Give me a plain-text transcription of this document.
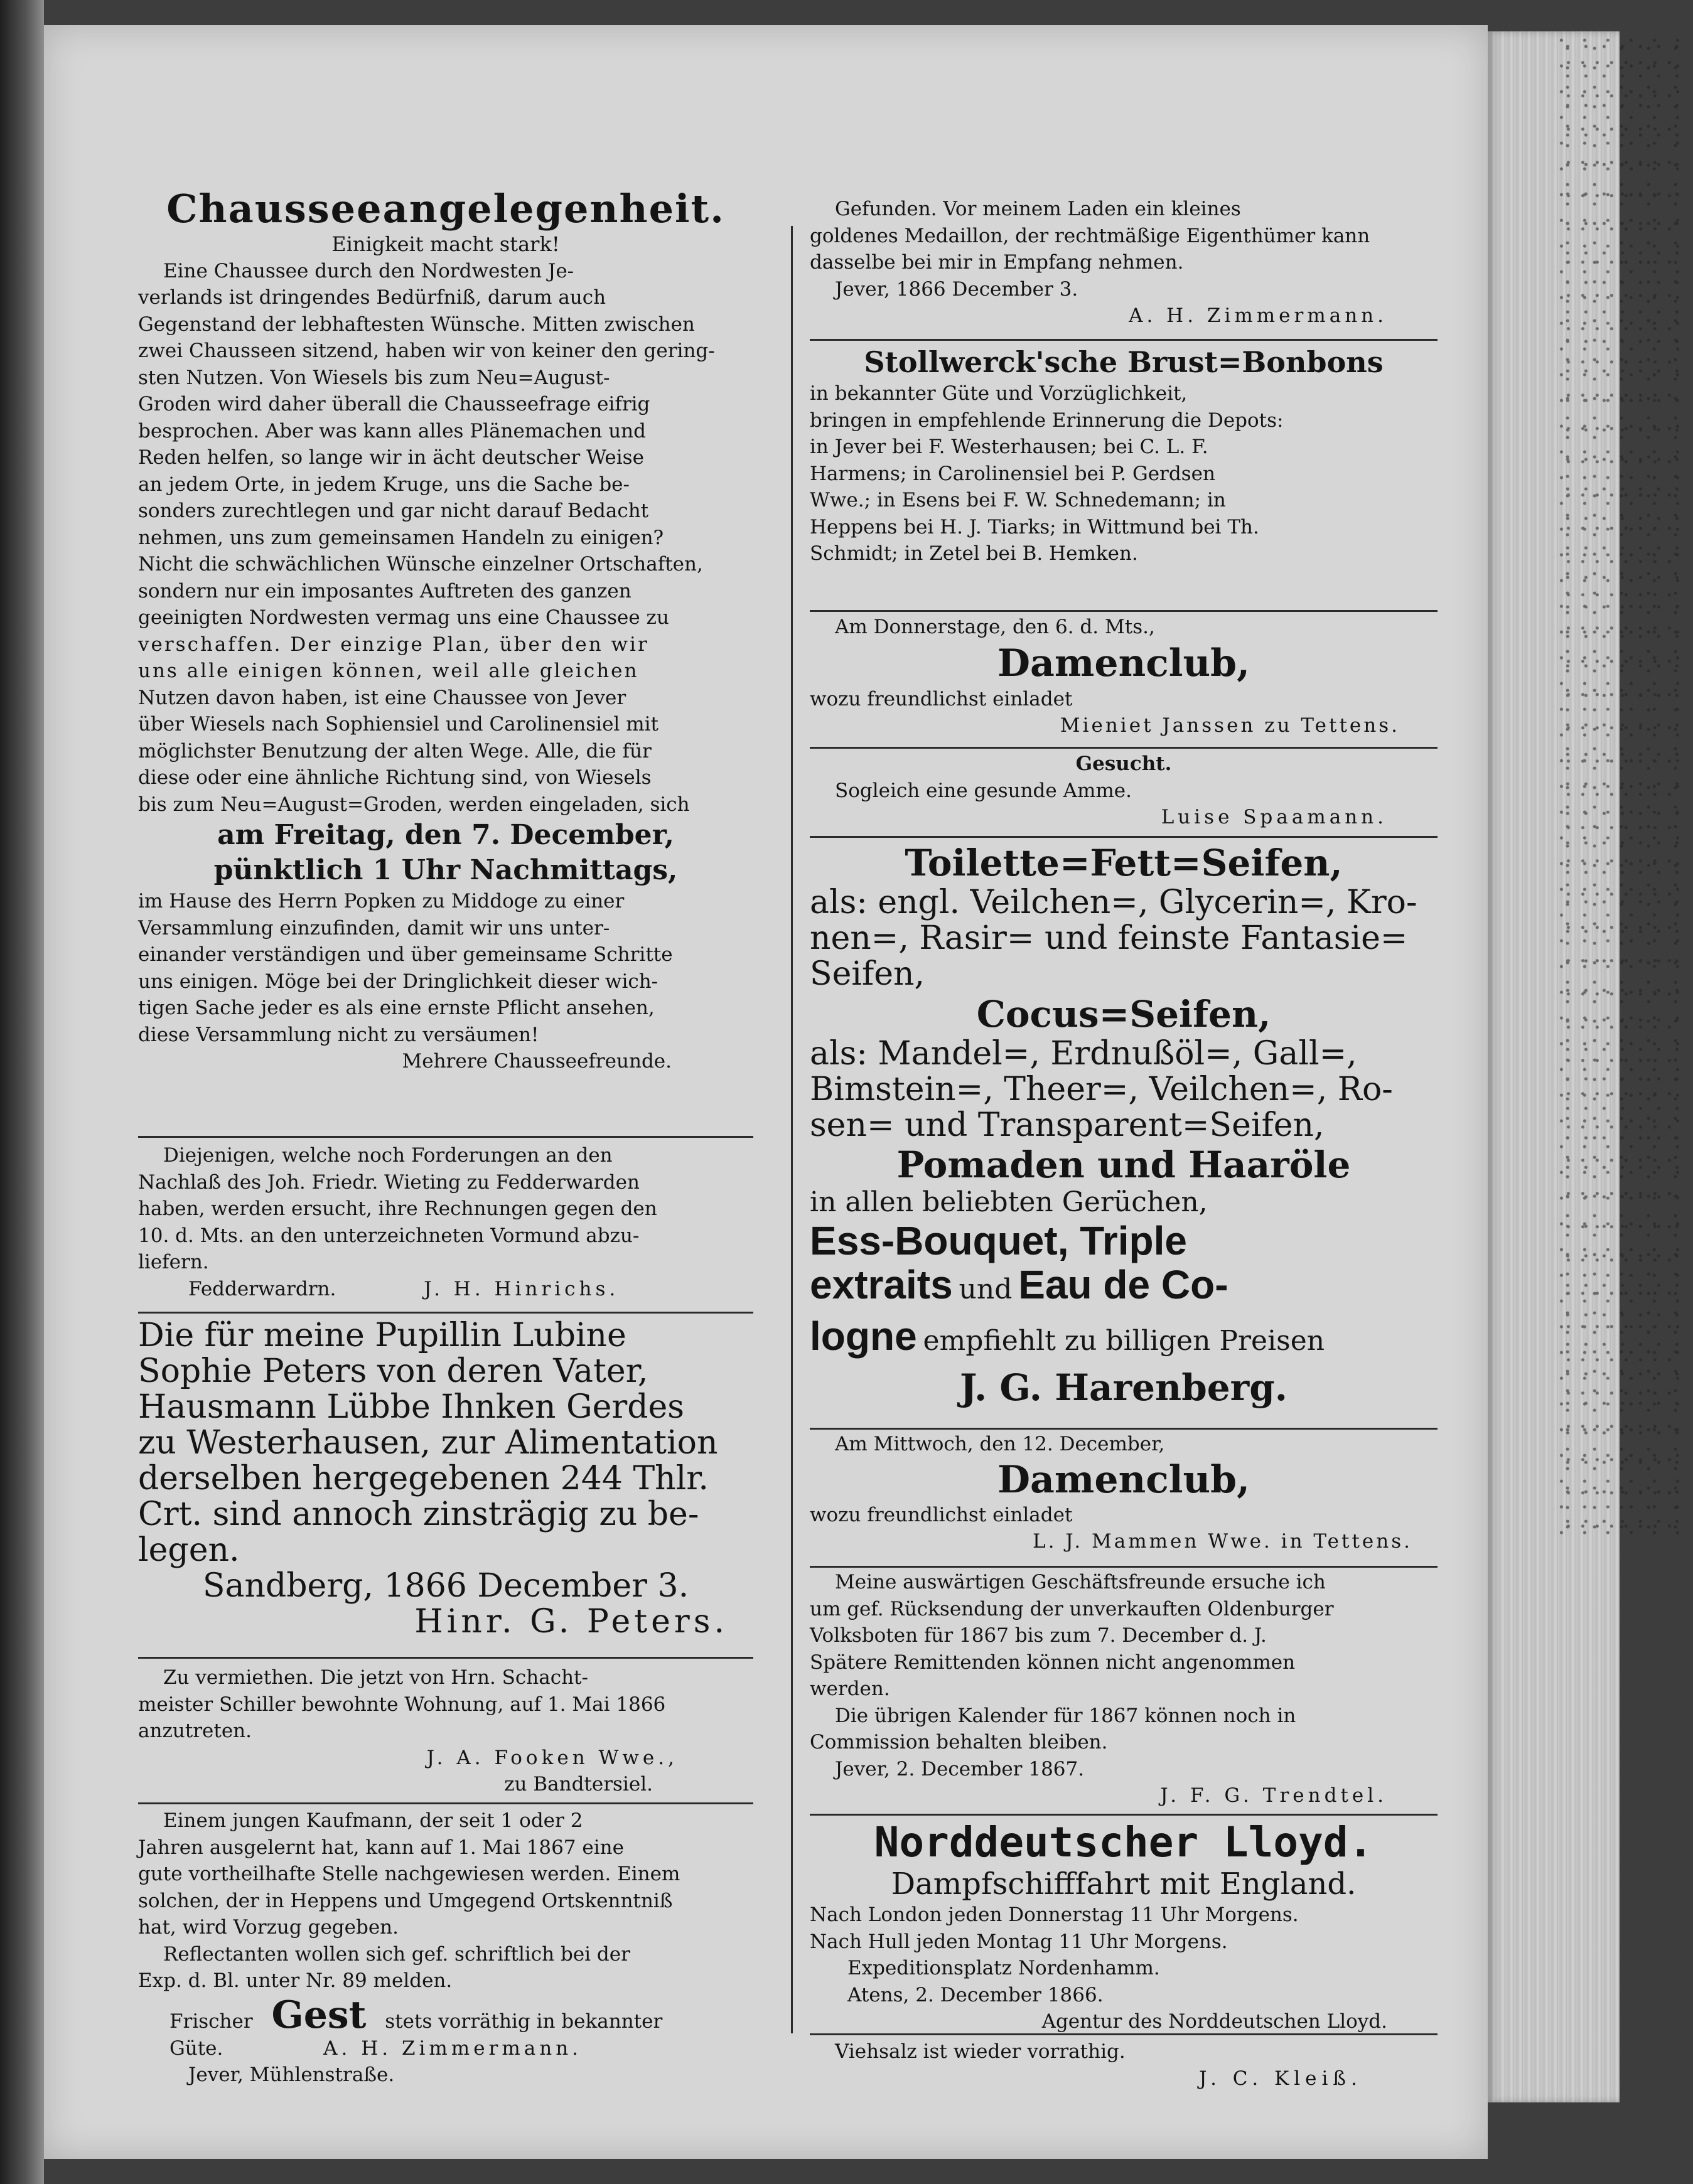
Chausseeangelegenheit.
Einigkeit macht stark!
Eine Chaussee durch den Nordwesten Je-
verlands ist dringendes Bedürfniß, darum auch
Gegenstand der lebhaftesten Wünsche. Mitten zwischen
zwei Chausseen sitzend, haben wir von keiner den gering-
sten Nutzen. Von Wiesels bis zum Neu=August-
Groden wird daher überall die Chausseefrage eifrig
besprochen. Aber was kann alles Plänemachen und
Reden helfen, so lange wir in ächt deutscher Weise
an jedem Orte, in jedem Kruge, uns die Sache be-
sonders zurechtlegen und gar nicht darauf Bedacht
nehmen, uns zum gemeinsamen Handeln zu einigen?
Nicht die schwächlichen Wünsche einzelner Ortschaften,
sondern nur ein imposantes Auftreten des ganzen
geeinigten Nordwesten vermag uns eine Chaussee zu
verschaffen. Der einzige Plan, über den wir
uns alle einigen können, weil alle gleichen
Nutzen davon haben, ist eine Chaussee von Jever
über Wiesels nach Sophiensiel und Carolinensiel mit
möglichster Benutzung der alten Wege. Alle, die für
diese oder eine ähnliche Richtung sind, von Wiesels
bis zum Neu=August=Groden, werden eingeladen, sich
am Freitag, den 7. December,
pünktlich 1 Uhr Nachmittags,
im Hause des Herrn Popken zu Middoge zu einer
Versammlung einzufinden, damit wir uns unter-
einander verständigen und über gemeinsame Schritte
uns einigen. Möge bei der Dringlichkeit dieser wich-
tigen Sache jeder es als eine ernste Pflicht ansehen,
diese Versammlung nicht zu versäumen!
Mehrere Chausseefreunde.
Diejenigen, welche noch Forderungen an den
Nachlaß des Joh. Friedr. Wieting zu Fedderwarden
haben, werden ersucht, ihre Rechnungen gegen den
10. d. Mts. an den unterzeichneten Vormund abzu-
liefern.
Fedderwardrn.	J. H. Hinrichs.
Die für meine Pupillin Lubine
Sophie Peters von deren Vater,
Hausmann Lübbe Ihnken Gerdes
zu Westerhausen, zur Alimentation
derselben hergegebenen 244 Thlr.
Crt. sind annoch zinsträgig zu be-
legen.
Sandberg, 1866 December 3.
Hinr. G. Peters.
Zu vermiethen. Die jetzt von Hrn. Schacht-
meister Schiller bewohnte Wohnung, auf 1. Mai 1866
anzutreten.
J. A. Fooken Wwe.,
zu Bandtersiel.
Einem jungen Kaufmann, der seit 1 oder 2
Jahren ausgelernt hat, kann auf 1. Mai 1867 eine
gute vortheilhafte Stelle nachgewiesen werden. Einem
solchen, der in Heppens und Umgegend Ortskenntniß
hat, wird Vorzug gegeben.
Reflectanten wollen sich gef. schriftlich bei der
Exp. d. Bl. unter Nr. 89 melden.
Frischer Gest stets vorräthig in bekannter
Güte.	A. H. Zimmermann.
Jever, Mühlenstraße.
Gefunden. Vor meinem Laden ein kleines
goldenes Medaillon, der rechtmäßige Eigenthümer kann
dasselbe bei mir in Empfang nehmen.
Jever, 1866 December 3.
A. H. Zimmermann.
Stollwerck'sche Brust=Bonbons
in bekannter Güte und Vorzüglichkeit,
bringen in empfehlende Erinnerung die Depots:
in Jever bei F. Westerhausen; bei C. L. F.
Harmens; in Carolinensiel bei P. Gerdsen
Wwe.; in Esens bei F. W. Schnedemann; in
Heppens bei H. J. Tiarks; in Wittmund bei Th.
Schmidt; in Zetel bei B. Hemken.
Am Donnerstage, den 6. d. Mts.,
Damenclub,
wozu freundlichst einladet
Mieniet Janssen zu Tettens.
Gesucht.
Sogleich eine gesunde Amme.
Luise Spaamann.
Toilette=Fett=Seifen,
als: engl. Veilchen=, Glycerin=, Kro-
nen=, Rasir= und feinste Fantasie=
Seifen,
Cocus=Seifen,
als: Mandel=, Erdnußöl=, Gall=,
Bimstein=, Theer=, Veilchen=, Ro-
sen= und Transparent=Seifen,
Pomaden und Haaröle
in allen beliebten Gerüchen,
Ess-Bouquet, Triple
extraits und Eau de Co-
logne empfiehlt zu billigen Preisen
J. G. Harenberg.
Am Mittwoch, den 12. December,
Damenclub,
wozu freundlichst einladet
L. J. Mammen Wwe. in Tettens.
Meine auswärtigen Geschäftsfreunde ersuche ich
um gef. Rücksendung der unverkauften Oldenburger
Volksboten für 1867 bis zum 7. December d. J.
Spätere Remittenden können nicht angenommen
werden.
Die übrigen Kalender für 1867 können noch in
Commission behalten bleiben.
Jever, 2. December 1867.
J. F. G. Trendtel.
Norddeutscher Lloyd.
Dampfschifffahrt mit England.
Nach London jeden Donnerstag 11 Uhr Morgens.
Nach Hull jeden Montag 11 Uhr Morgens.
Expeditionsplatz Nordenhamm.
Atens, 2. December 1866.
Agentur des Norddeutschen Lloyd.
Viehsalz ist wieder vorrathig.
J. C. Kleiß.
